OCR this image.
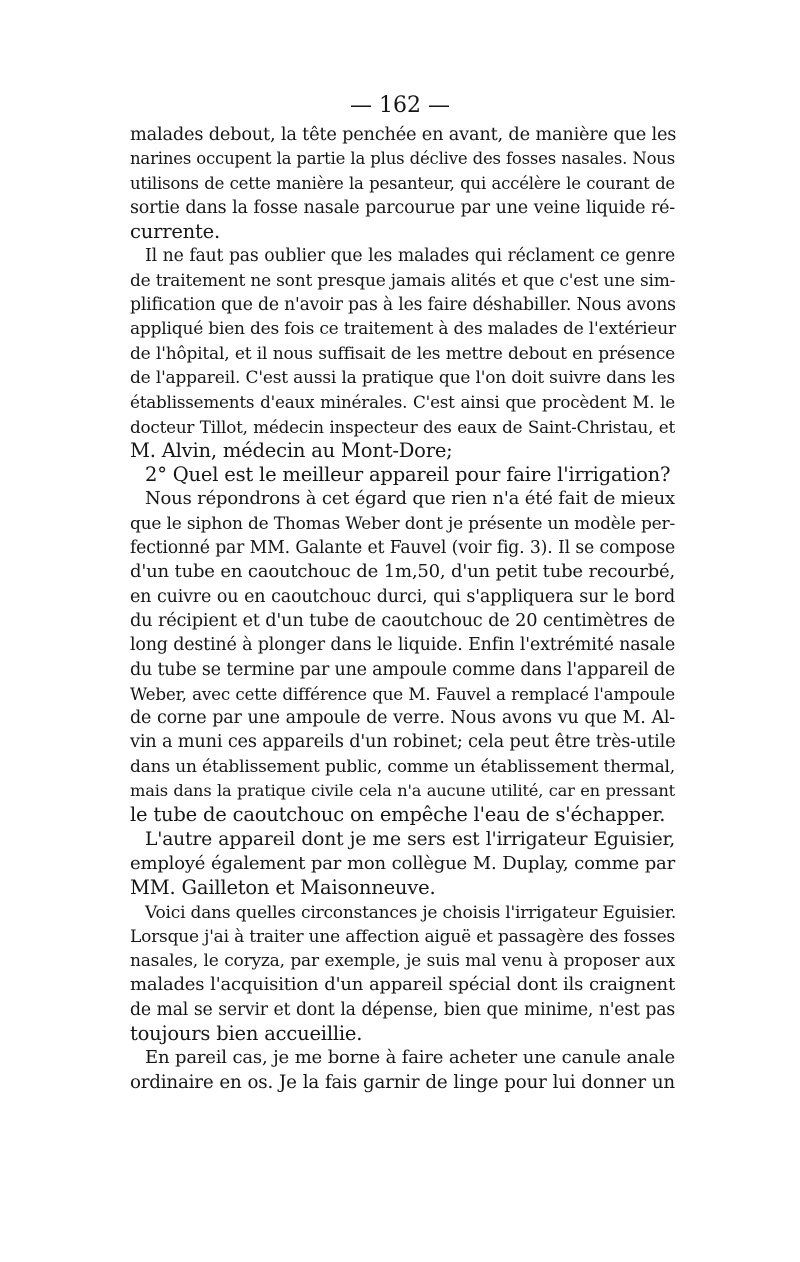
— 162 —
malades debout, la tête penchée en avant, de manière que les
narines occupent la partie la plus déclive des fosses nasales. Nous
utilisons de cette manière la pesanteur, qui accélère le courant de
sortie dans la fosse nasale parcourue par une veine liquide ré-
currente.
Il ne faut pas oublier que les malades qui réclament ce genre
de traitement ne sont presque jamais alités et que c'est une sim-
plification que de n'avoir pas à les faire déshabiller. Nous avons
appliqué bien des fois ce traitement à des malades de l'extérieur
de l'hôpital, et il nous suffisait de les mettre debout en présence
de l'appareil. C'est aussi la pratique que l'on doit suivre dans les
établissements d'eaux minérales. C'est ainsi que procèdent M. le
docteur Tillot, médecin inspecteur des eaux de Saint-Christau, et
M. Alvin, médecin au Mont-Dore;
2° Quel est le meilleur appareil pour faire l'irrigation?
Nous répondrons à cet égard que rien n'a été fait de mieux
que le siphon de Thomas Weber dont je présente un modèle per-
fectionné par MM. Galante et Fauvel (voir fig. 3). Il se compose
d'un tube en caoutchouc de 1m,50, d'un petit tube recourbé,
en cuivre ou en caoutchouc durci, qui s'appliquera sur le bord
du récipient et d'un tube de caoutchouc de 20 centimètres de
long destiné à plonger dans le liquide. Enfin l'extrémité nasale
du tube se termine par une ampoule comme dans l'appareil de
Weber, avec cette différence que M. Fauvel a remplacé l'ampoule
de corne par une ampoule de verre. Nous avons vu que M. Al-
vin a muni ces appareils d'un robinet; cela peut être très-utile
dans un établissement public, comme un établissement thermal,
mais dans la pratique civile cela n'a aucune utilité, car en pressant
le tube de caoutchouc on empêche l'eau de s'échapper.
L'autre appareil dont je me sers est l'irrigateur Eguisier,
employé également par mon collègue M. Duplay, comme par
MM. Gailleton et Maisonneuve.
Voici dans quelles circonstances je choisis l'irrigateur Eguisier.
Lorsque j'ai à traiter une affection aiguë et passagère des fosses
nasales, le coryza, par exemple, je suis mal venu à proposer aux
malades l'acquisition d'un appareil spécial dont ils craignent
de mal se servir et dont la dépense, bien que minime, n'est pas
toujours bien accueillie.
En pareil cas, je me borne à faire acheter une canule anale
ordinaire en os. Je la fais garnir de linge pour lui donner un
